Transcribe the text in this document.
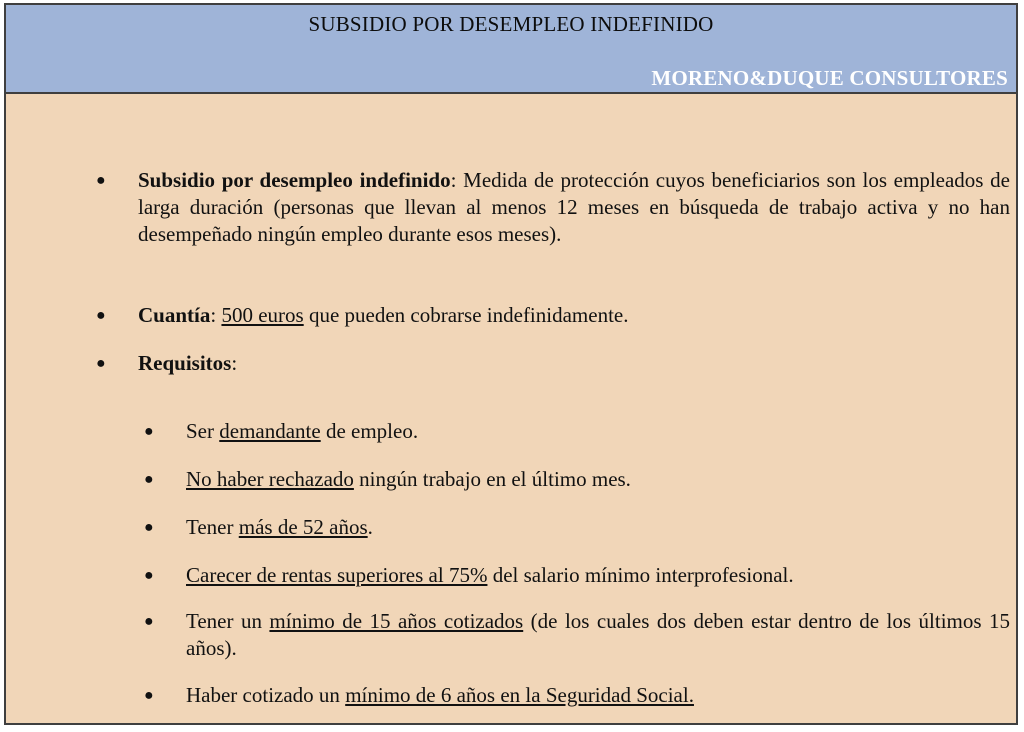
SUBSIDIO POR DESEMPLEO INDEFINIDO
MORENO&DUQUE CONSULTORES
● Subsidio por desempleo indefinido: Medida de protección cuyos beneficiarios son los empleados de larga duración (personas que llevan al menos 12 meses en búsqueda de trabajo activa y no han desempeñado ningún empleo durante esos meses).
● Cuantía: 500 euros que pueden cobrarse indefinidamente.
● Requisitos:
● Ser demandante de empleo.
● No haber rechazado ningún trabajo en el último mes.
● Tener más de 52 años.
● Carecer de rentas superiores al 75% del salario mínimo interprofesional.
● Tener un mínimo de 15 años cotizados (de los cuales dos deben estar dentro de los últimos 15 años).
● Haber cotizado un mínimo de 6 años en la Seguridad Social.
